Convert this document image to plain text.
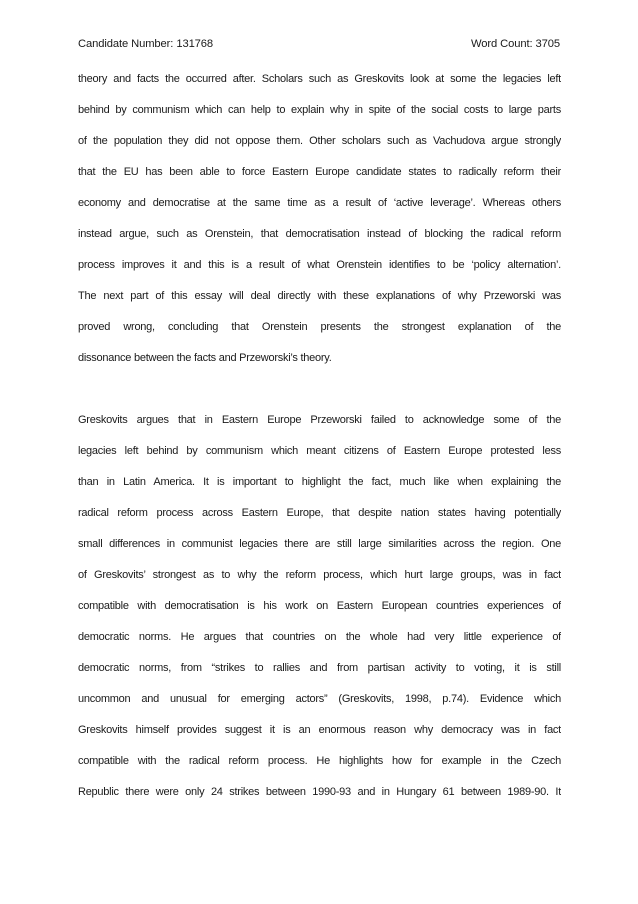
Candidate Number: 131768	Word Count: 3705
theory and facts the occurred after. Scholars such as Greskovits look at some the legacies left
behind by communism which can help to explain why in spite of the social costs to large parts
of the population they did not oppose them. Other scholars such as Vachudova argue strongly
that the EU has been able to force Eastern Europe candidate states to radically reform their
economy and democratise at the same time as a result of ‘active leverage’. Whereas others
instead argue, such as Orenstein, that democratisation instead of blocking the radical reform
process improves it and this is a result of what Orenstein identifies to be ‘policy alternation’.
The next part of this essay will deal directly with these explanations of why Przeworski was
proved wrong, concluding that Orenstein presents the strongest explanation of the
dissonance between the facts and Przeworski’s theory.
Greskovits argues that in Eastern Europe Przeworski failed to acknowledge some of the
legacies left behind by communism which meant citizens of Eastern Europe protested less
than in Latin America. It is important to highlight the fact, much like when explaining the
radical reform process across Eastern Europe, that despite nation states having potentially
small differences in communist legacies there are still large similarities across the region. One
of Greskovits’ strongest as to why the reform process, which hurt large groups, was in fact
compatible with democratisation is his work on Eastern European countries experiences of
democratic norms. He argues that countries on the whole had very little experience of
democratic norms, from “strikes to rallies and from partisan activity to voting, it is still
uncommon and unusual for emerging actors” (Greskovits, 1998, p.74). Evidence which
Greskovits himself provides suggest it is an enormous reason why democracy was in fact
compatible with the radical reform process. He highlights how for example in the Czech
Republic there were only 24 strikes between 1990-93 and in Hungary 61 between 1989-90. It
